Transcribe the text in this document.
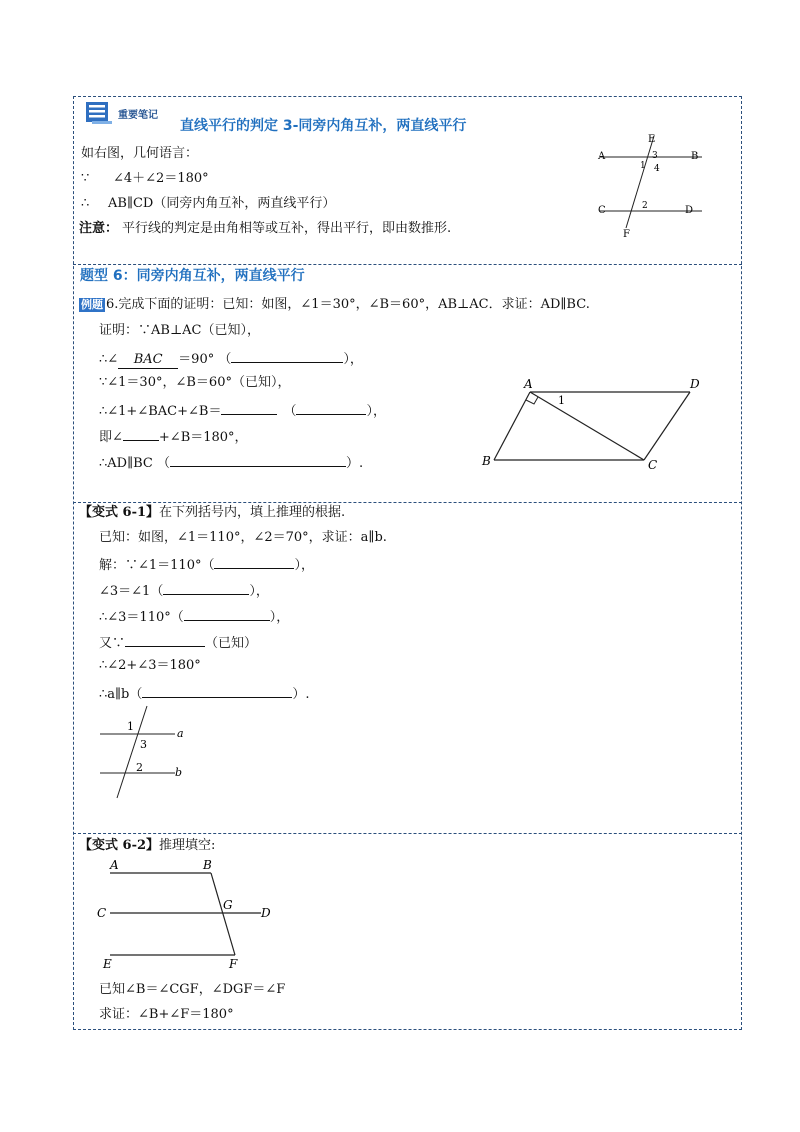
重要笔记
直线平行的判定 3-同旁内角互补，两直线平行
如右图，几何语言：
∵ ∠4＋∠2＝180°
∴ AB∥CD（同旁内角互补，两直线平行）
注意： 平行线的判定是由角相等或互补，得出平行，即由数推形.
A	B
C	D
E
F
3
1 4
2
题型 6：同旁内角互补，两直线平行
例题 6.完成下面的证明：已知：如图，∠1＝30°，∠B＝60°，AB⊥AC．求证：AD∥BC.
证明：∵AB⊥AC（已知），
∴∠ BAC ＝90° （	），
∵∠1＝30°，∠B＝60°（已知），
∴∠1+∠BAC+∠B＝	（	），
即∠	+∠B＝180°，
∴AD∥BC （	）.
A	D
B	C
1
【变式 6-1】在下列括号内，填上推理的根据.
已知：如图，∠1＝110°，∠2＝70°，求证：a∥b.
解：∵∠1＝110°（	），
∠3＝∠1（	），
∴∠3＝110°（	），
又∵	（已知）
∴∠2+∠3＝180°
∴a∥b（	）.
1
3
2
a
b
【变式 6-2】推理填空:
A	B
C
G
D
E	F
已知∠B＝∠CGF，∠DGF＝∠F
求证：∠B+∠F＝180°
